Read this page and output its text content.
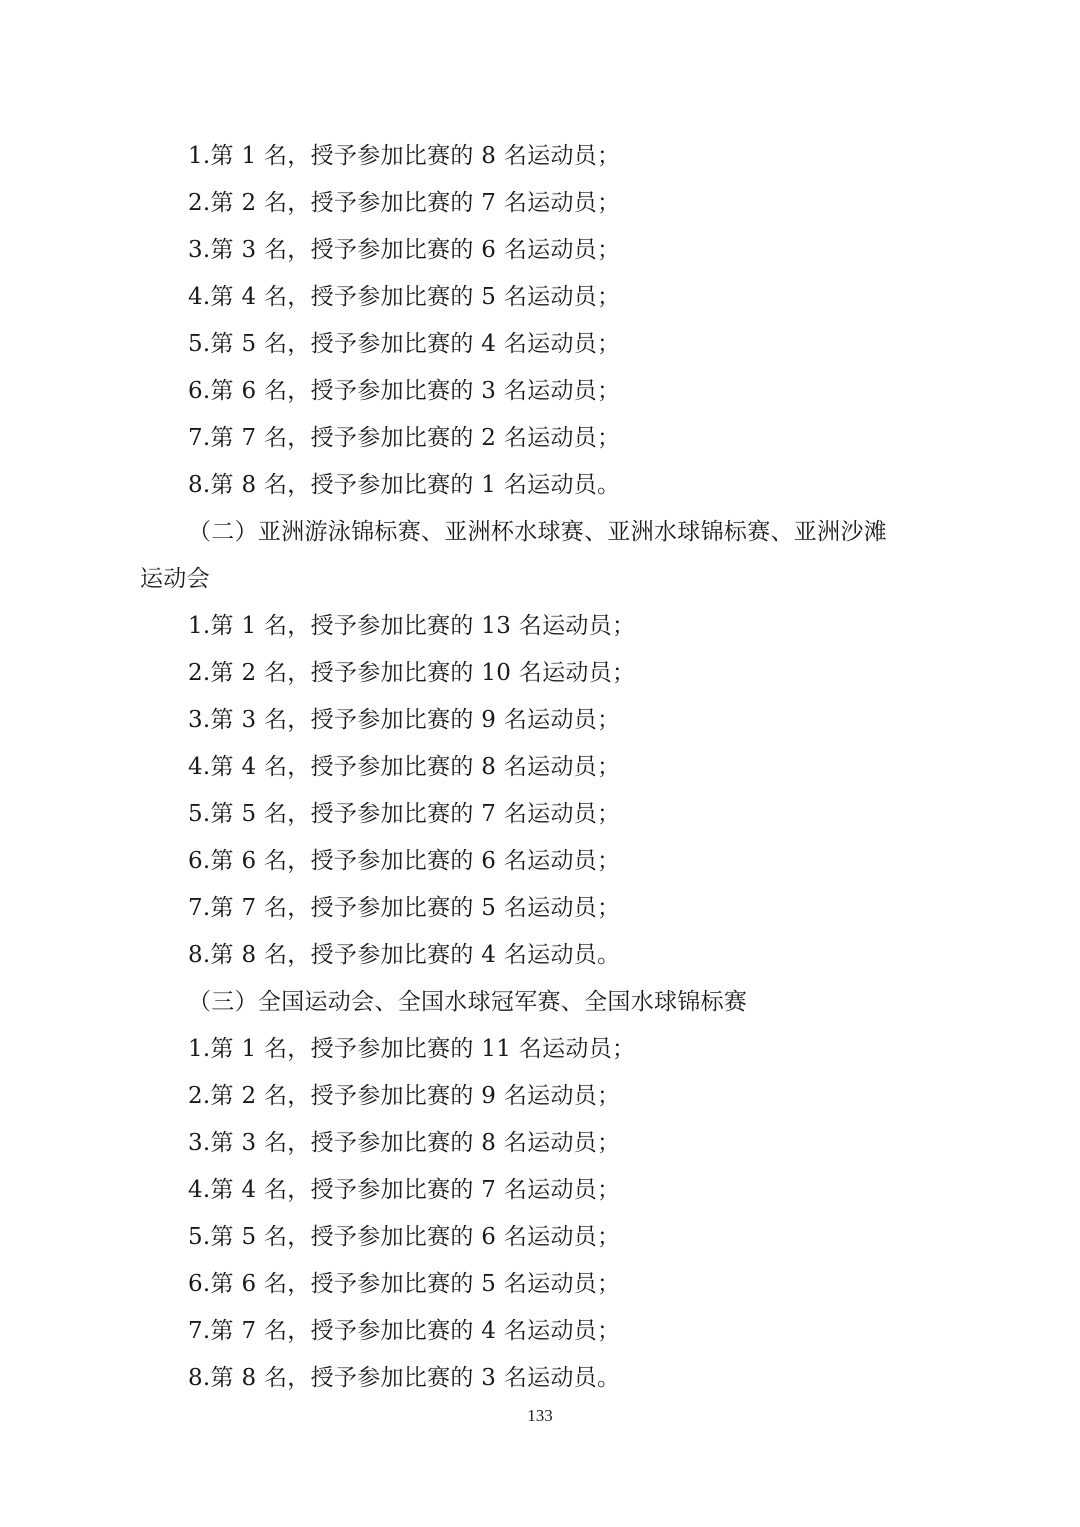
1.第 1 名，授予参加比赛的 8 名运动员；
2.第 2 名，授予参加比赛的 7 名运动员；
3.第 3 名，授予参加比赛的 6 名运动员；
4.第 4 名，授予参加比赛的 5 名运动员；
5.第 5 名，授予参加比赛的 4 名运动员；
6.第 6 名，授予参加比赛的 3 名运动员；
7.第 7 名，授予参加比赛的 2 名运动员；
8.第 8 名，授予参加比赛的 1 名运动员。
（二）亚洲游泳锦标赛、亚洲杯水球赛、亚洲水球锦标赛、亚洲沙滩
运动会
1.第 1 名，授予参加比赛的 13 名运动员；
2.第 2 名，授予参加比赛的 10 名运动员；
3.第 3 名，授予参加比赛的 9 名运动员；
4.第 4 名，授予参加比赛的 8 名运动员；
5.第 5 名，授予参加比赛的 7 名运动员；
6.第 6 名，授予参加比赛的 6 名运动员；
7.第 7 名，授予参加比赛的 5 名运动员；
8.第 8 名，授予参加比赛的 4 名运动员。
（三）全国运动会、全国水球冠军赛、全国水球锦标赛
1.第 1 名，授予参加比赛的 11 名运动员；
2.第 2 名，授予参加比赛的 9 名运动员；
3.第 3 名，授予参加比赛的 8 名运动员；
4.第 4 名，授予参加比赛的 7 名运动员；
5.第 5 名，授予参加比赛的 6 名运动员；
6.第 6 名，授予参加比赛的 5 名运动员；
7.第 7 名，授予参加比赛的 4 名运动员；
8.第 8 名，授予参加比赛的 3 名运动员。
133
